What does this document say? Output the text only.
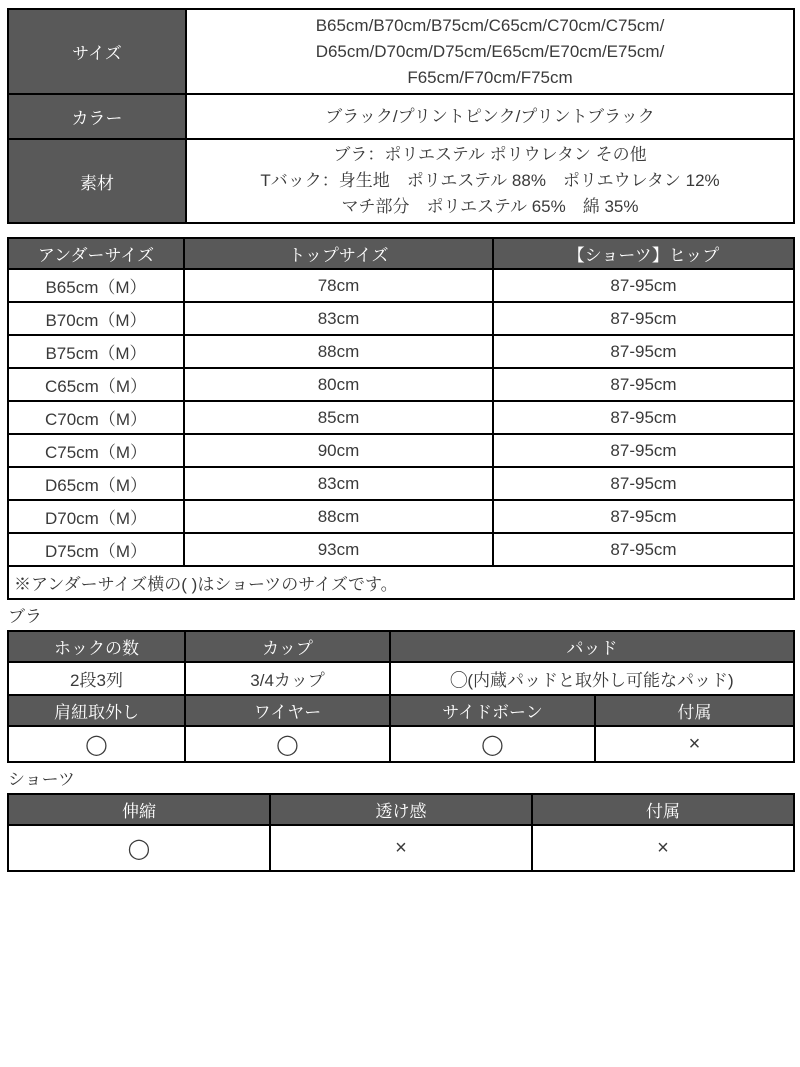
サイズ	B65cm/B70cm/B75cm/C65cm/C70cm/C75cm/
D65cm/D70cm/D75cm/E65cm/E70cm/E75cm/
F65cm/F70cm/F75cm

カラー	ブラック/プリントピンク/プリントブラック

素材	ブラ：ポリエステル ポリウレタン その他
Tバック：身生地　ポリエステル 88%　ポリエウレタン 12%
マチ部分　ポリエステル 65%　綿 35%
アンダーサイズ	トップサイズ	【ショーツ】ヒップ
B65cm（M）	78cm	87-95cm
B70cm（M）	83cm	87-95cm
B75cm（M）	88cm	87-95cm
C65cm（M）	80cm	87-95cm
C70cm（M）	85cm	87-95cm
C75cm（M）	90cm	87-95cm
D65cm（M）	83cm	87-95cm
D70cm（M）	88cm	87-95cm
D75cm（M）	93cm	87-95cm
※アンダーサイズ横の( )はショーツのサイズです。		
ブラ
ホックの数	カップ	パッド	
2段3列	3/4カップ	◯(内蔵パッドと取外し可能なパッド)	
肩紐取外し	ワイヤー	サイドボーン	付属
◯	◯	◯	×
ショーツ
伸縮	透け感	付属
◯	×	×
